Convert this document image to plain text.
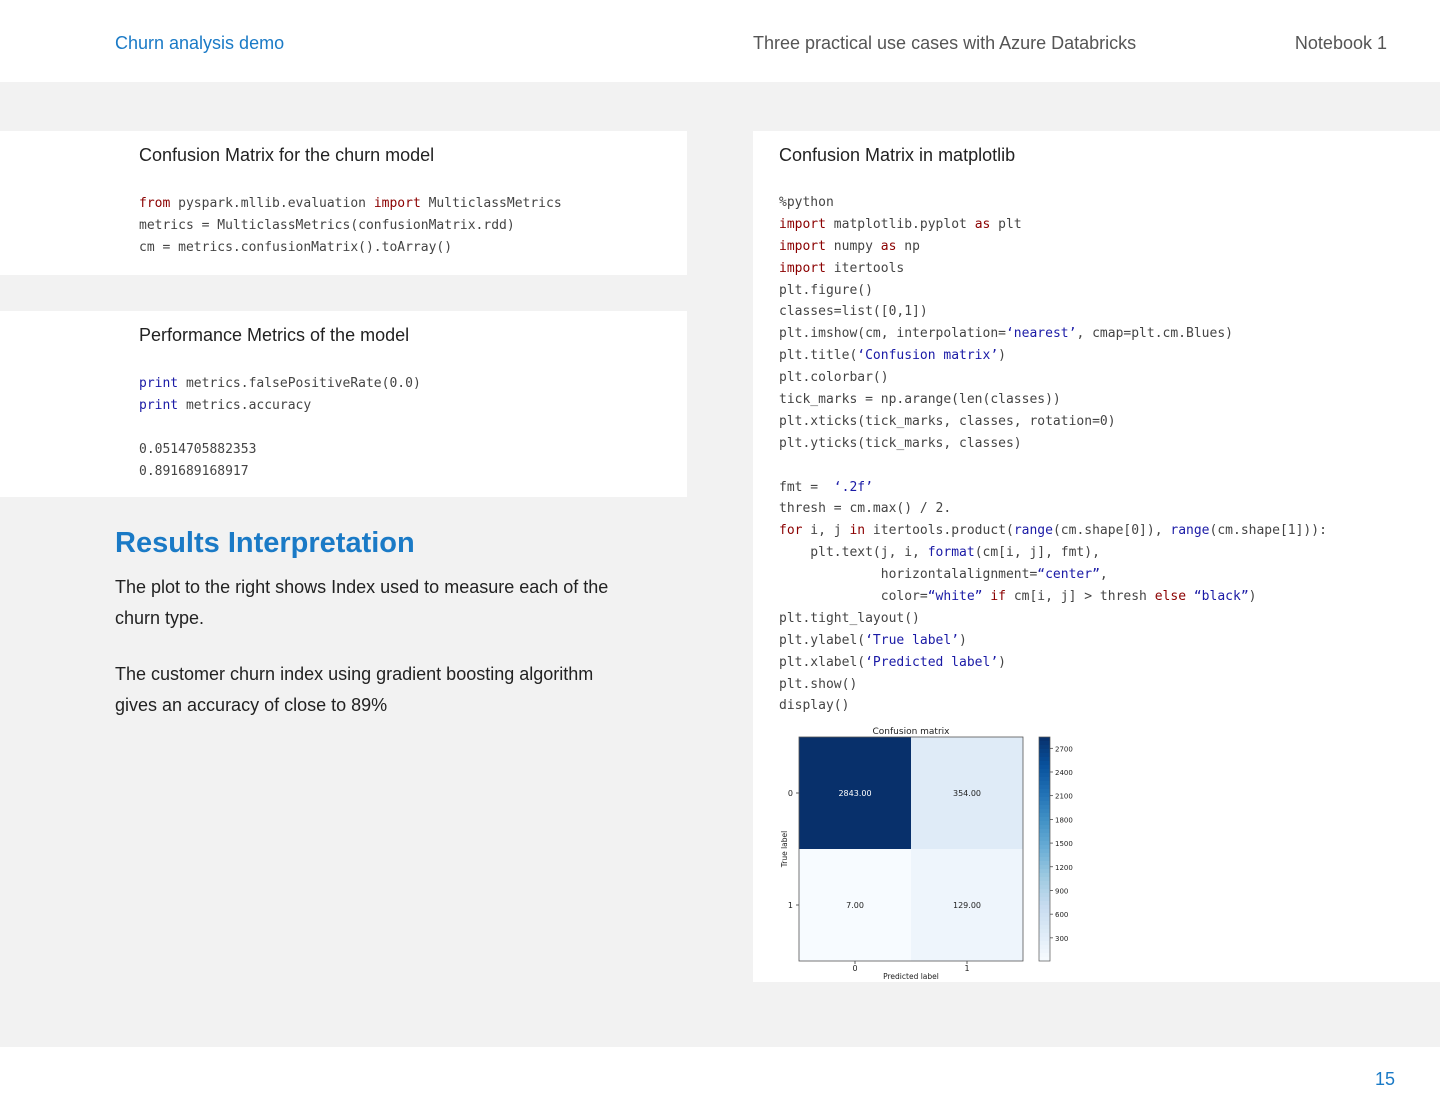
Churn analysis demo	Three practical use cases with Azure Databricks	Notebook 1
Confusion Matrix for the churn model
from pyspark.mllib.evaluation import MulticlassMetrics
metrics = MulticlassMetrics(confusionMatrix.rdd)
cm = metrics.confusionMatrix().toArray()
Performance Metrics of the model
print metrics.falsePositiveRate(0.0)
print metrics.accuracy

0.0514705882353
0.891689168917
Results Interpretation
The plot to the right shows Index used to measure each of the churn type.
The customer churn index using gradient boosting algorithm gives an accuracy of close to 89%
Confusion Matrix in matplotlib
%python
import matplotlib.pyplot as plt
import numpy as np
import itertools
plt.figure()
classes=list([0,1])
plt.imshow(cm, interpolation=‘nearest’, cmap=plt.cm.Blues)
plt.title(‘Confusion matrix’)
plt.colorbar()
tick_marks = np.arange(len(classes))
plt.xticks(tick_marks, classes, rotation=0)
plt.yticks(tick_marks, classes)

fmt =  ‘.2f’
thresh = cm.max() / 2.
for i, j in itertools.product(range(cm.shape[0]), range(cm.shape[1])):
plt.text(j, i, format(cm[i, j], fmt),
horizontalalignment=“center”,
color=“white” if cm[i, j] > thresh else “black”)
plt.tight_layout()
plt.ylabel(‘True label’)
plt.xlabel(‘Predicted label’)
plt.show()
display()
Confusion matrix
2843.00	354.00
7.00	129.00
0
1
0	1
True label
Predicted label
2700
2400
2100
1800
1500
1200
900
600
300
15
